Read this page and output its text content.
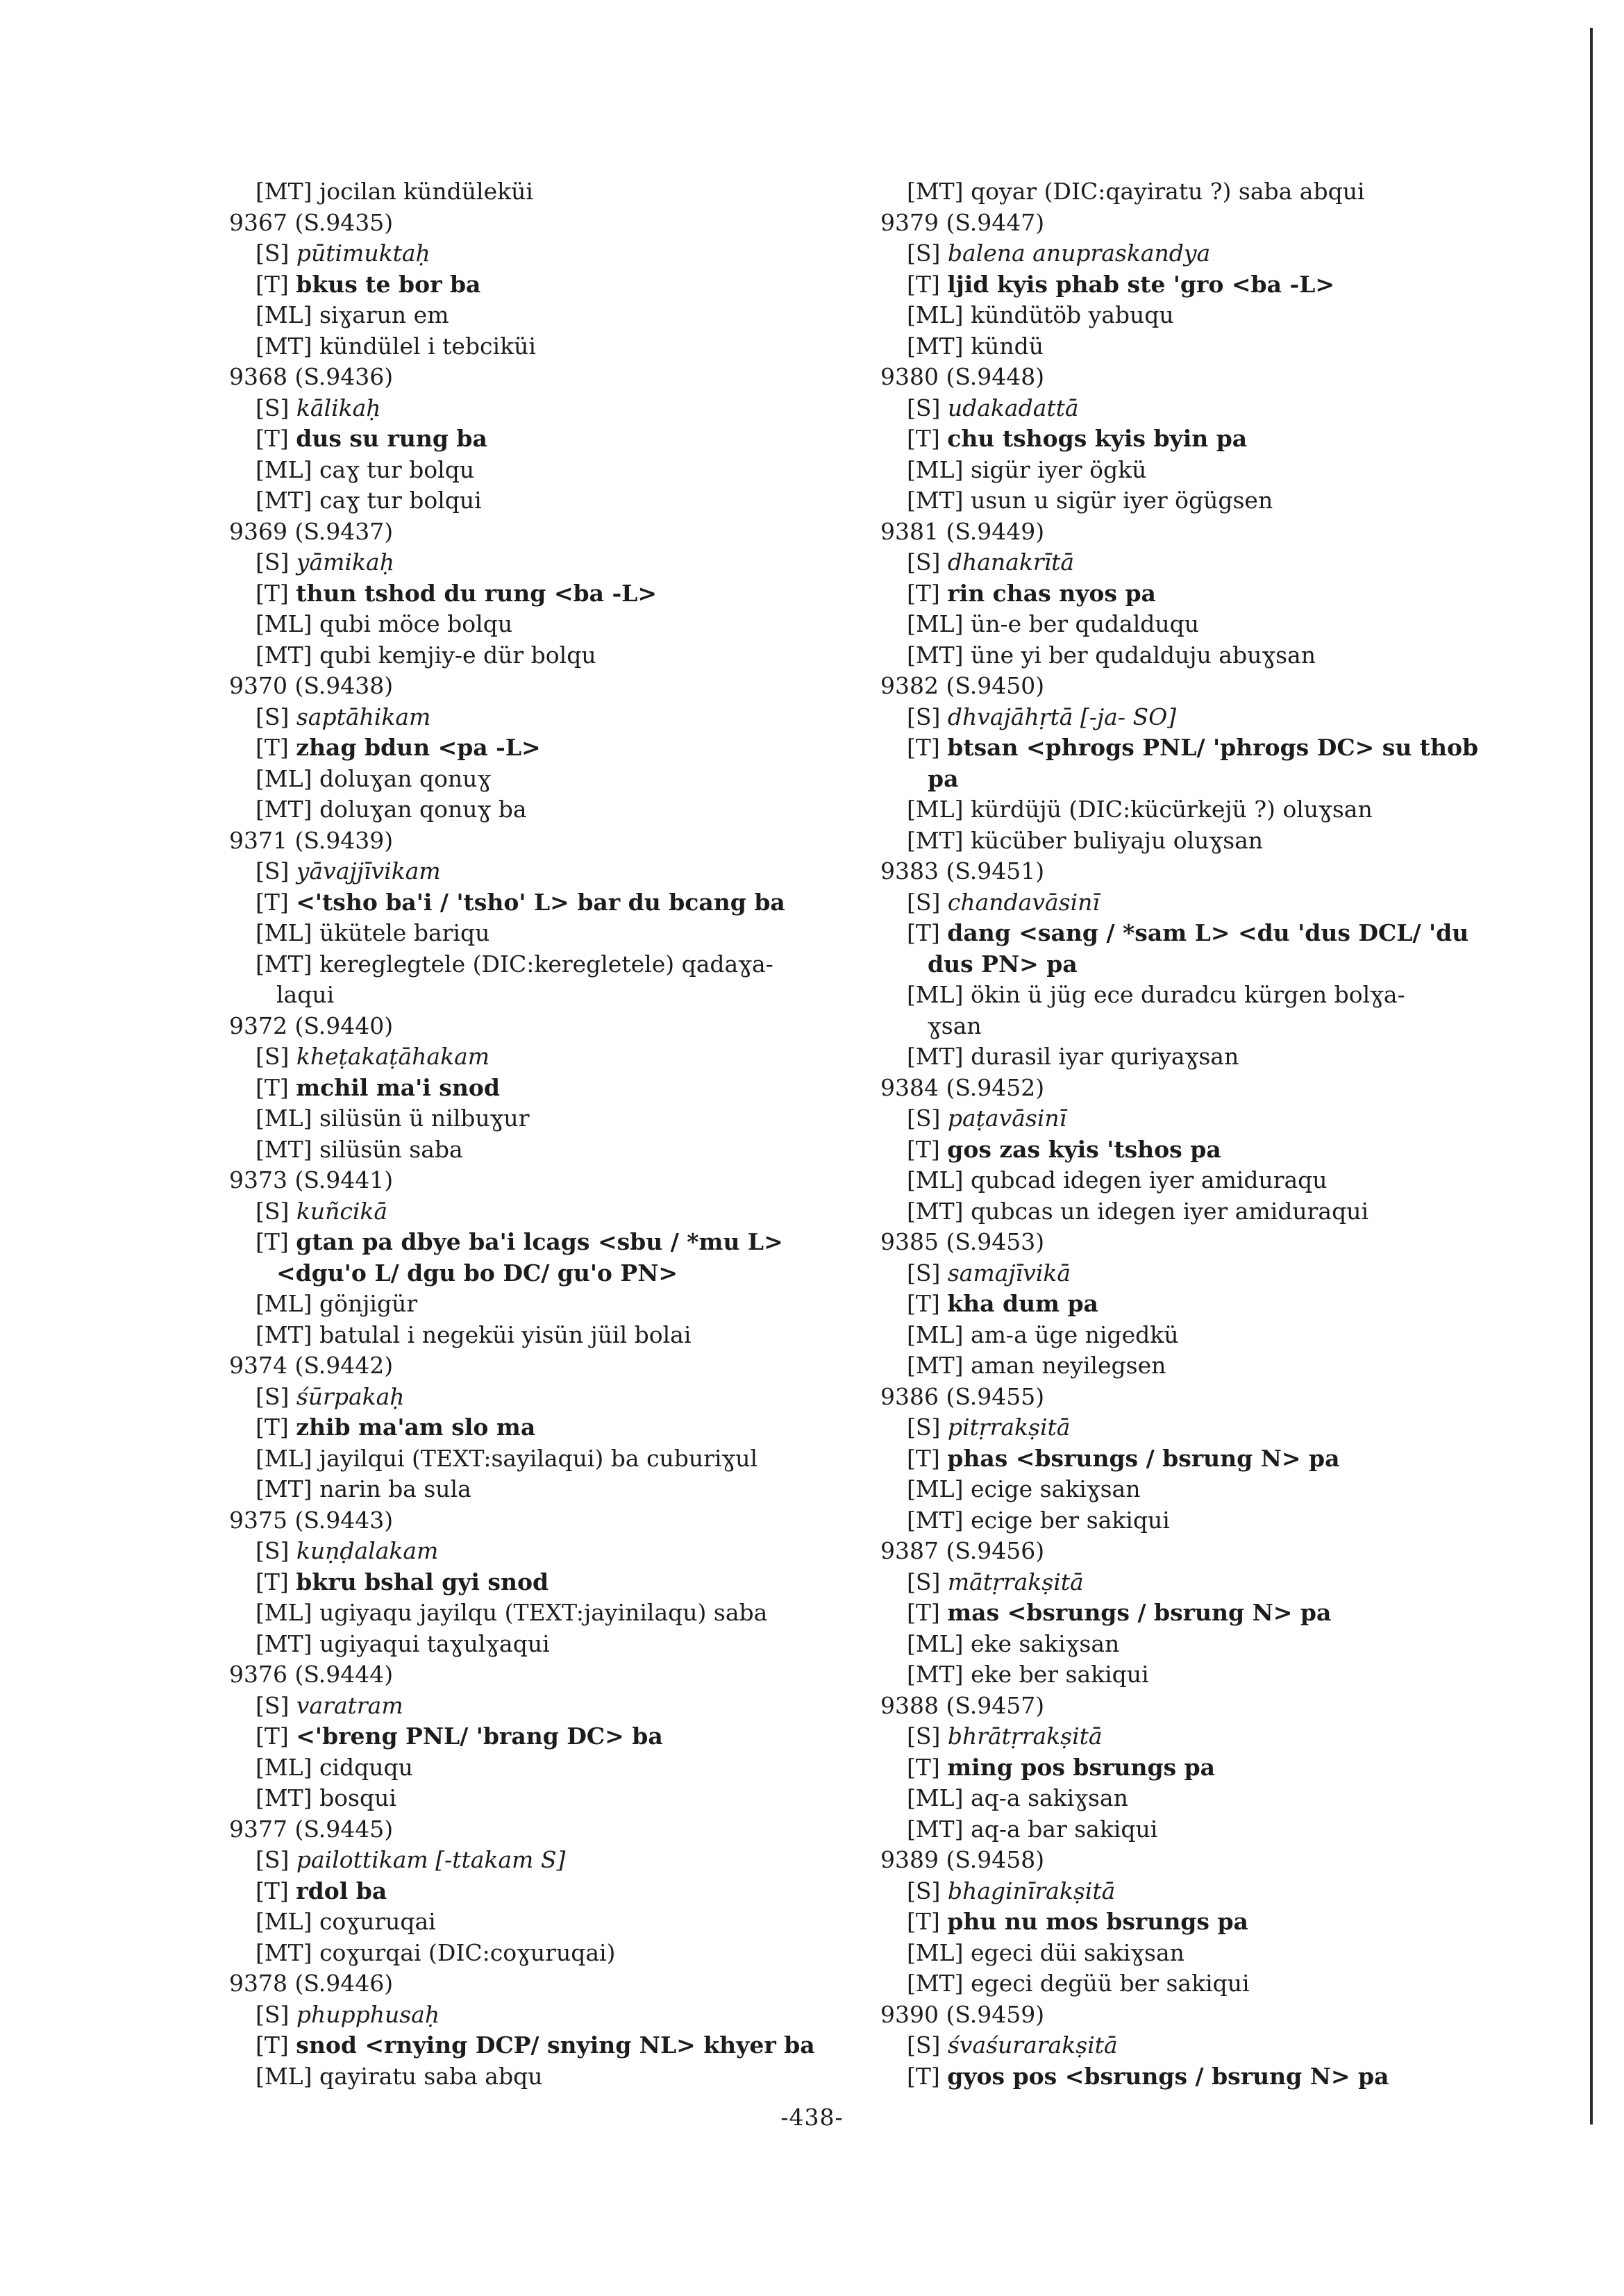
[MT] jocilan kündüleküi
9367 (S.9435)
[S] pūtimuktaḥ
[T] bkus te bor ba
[ML] siɣarun em
[MT] kündülel i tebciküi
9368 (S.9436)
[S] kālikaḥ
[T] dus su rung ba
[ML] caɣ tur bolqu
[MT] caɣ tur bolqui
9369 (S.9437)
[S] yāmikaḥ
[T] thun tshod du rung <ba -L>
[ML] qubi möce bolqu
[MT] qubi kemjiy-e dür bolqu
9370 (S.9438)
[S] saptāhikam
[T] zhag bdun <pa -L>
[ML] doluɣan qonuɣ
[MT] doluɣan qonuɣ ba
9371 (S.9439)
[S] yāvajjīvikam
[T] <'tsho ba'i / 'tsho' L> bar du bcang ba
[ML] ükütele bariqu
[MT] kereglegtele (DIC:keregletele) qadaɣa-
laqui
9372 (S.9440)
[S] kheṭakaṭāhakam
[T] mchil ma'i snod
[ML] silüsün ü nilbuɣur
[MT] silüsün saba
9373 (S.9441)
[S] kuñcikā
[T] gtan pa dbye ba'i lcags <sbu / *mu L>
<dgu'o L/ dgu bo DC/ gu'o PN>
[ML] gönjigür
[MT] batulal i negeküi yisün jüil bolai
9374 (S.9442)
[S] śūrpakaḥ
[T] zhib ma'am slo ma
[ML] jayilqui (TEXT:sayilaqui) ba cuburiɣul
[MT] narin ba sula
9375 (S.9443)
[S] kuṇḍalakam
[T] bkru bshal gyi snod
[ML] ugiyaqu jayilqu (TEXT:jayinilaqu) saba
[MT] ugiyaqui taɣulɣaqui
9376 (S.9444)
[S] varatram
[T] <'breng PNL/ 'brang DC> ba
[ML] cidququ
[MT] bosqui
9377 (S.9445)
[S] pailottikam [-ttakam S]
[T] rdol ba
[ML] coɣuruqai
[MT] coɣurqai (DIC:coɣuruqai)
9378 (S.9446)
[S] phupphusaḥ
[T] snod <rnying DCP/ snying NL> khyer ba
[ML] qayiratu saba abqu
[MT] qoyar (DIC:qayiratu ?) saba abqui
9379 (S.9447)
[S] balena anupraskandya
[T] ljid kyis phab ste 'gro <ba -L>
[ML] kündütöb yabuqu
[MT] kündü
9380 (S.9448)
[S] udakadattā
[T] chu tshogs kyis byin pa
[ML] sigür iyer ögkü
[MT] usun u sigür iyer ögügsen
9381 (S.9449)
[S] dhanakrītā
[T] rin chas nyos pa
[ML] ün-e ber qudalduqu
[MT] üne yi ber qudalduju abuɣsan
9382 (S.9450)
[S] dhvajāhṛtā [-ja- SO]
[T] btsan <phrogs PNL/ 'phrogs DC> su thob
pa
[ML] kürdüjü (DIC:kücürkejü ?) oluɣsan
[MT] kücüber buliyaju oluɣsan
9383 (S.9451)
[S] chandavāsinī
[T] dang <sang / *sam L> <du 'dus DCL/ 'du
dus PN> pa
[ML] ökin ü jüg ece duradcu kürgen bolɣa-
ɣsan
[MT] durasil iyar quriyaɣsan
9384 (S.9452)
[S] paṭavāsinī
[T] gos zas kyis 'tshos pa
[ML] qubcad idegen iyer amiduraqu
[MT] qubcas un idegen iyer amiduraqui
9385 (S.9453)
[S] samajīvikā
[T] kha dum pa
[ML] am-a üge nigedkü
[MT] aman neyilegsen
9386 (S.9455)
[S] pitṛrakṣitā
[T] phas <bsrungs / bsrung N> pa
[ML] ecige sakiɣsan
[MT] ecige ber sakiqui
9387 (S.9456)
[S] mātṛrakṣitā
[T] mas <bsrungs / bsrung N> pa
[ML] eke sakiɣsan
[MT] eke ber sakiqui
9388 (S.9457)
[S] bhrātṛrakṣitā
[T] ming pos bsrungs pa
[ML] aq-a sakiɣsan
[MT] aq-a bar sakiqui
9389 (S.9458)
[S] bhaginīrakṣitā
[T] phu nu mos bsrungs pa
[ML] egeci düi sakiɣsan
[MT] egeci degüü ber sakiqui
9390 (S.9459)
[S] śvaśurarakṣitā
[T] gyos pos <bsrungs / bsrung N> pa
-438-
